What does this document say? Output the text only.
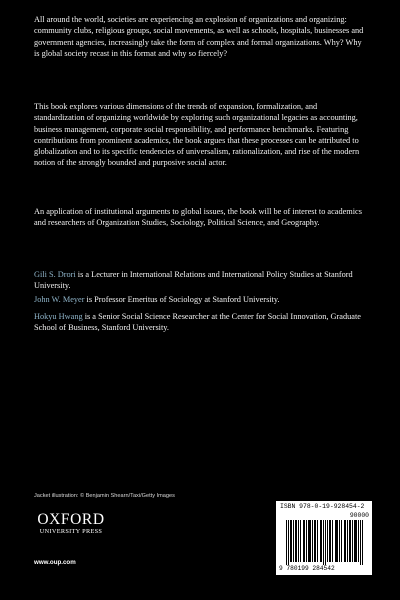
All around the world, societies are experiencing an explosion of organizations and organizing: community clubs, religious groups, social movements, as well as schools, hospitals, businesses and government agencies, increasingly take the form of complex and formal organizations. Why? Why is global society recast in this format and why so fiercely?

This book explores various dimensions of the trends of expansion, formalization, and standardization of organizing worldwide by exploring such organizational legacies as accounting, business management, corporate social responsibility, and performance benchmarks. Featuring contributions from prominent academics, the book argues that these processes can be attributed to globalization and to its specific tendencies of universalism, rationalization, and rise of the modern notion of the strongly bounded and purposive social actor.

An application of institutional arguments to global issues, the book will be of interest to academics and researchers of Organization Studies, Sociology, Political Science, and Geography.

Gili S. Drori is a Lecturer in International Relations and International Policy Studies at Stanford University.

John W. Meyer is Professor Emeritus of Sociology at Stanford University.

Hokyu Hwang is a Senior Social Science Researcher at the Center for Social Innovation, Graduate School of Business, Stanford University.

Jacket illustration: © Benjamin Shearn/Taxi/Getty Images
OXFORD
UNIVERSITY PRESS
www.oup.com
ISBN 978-0-19-928454-2
90000
9 780199 284542
